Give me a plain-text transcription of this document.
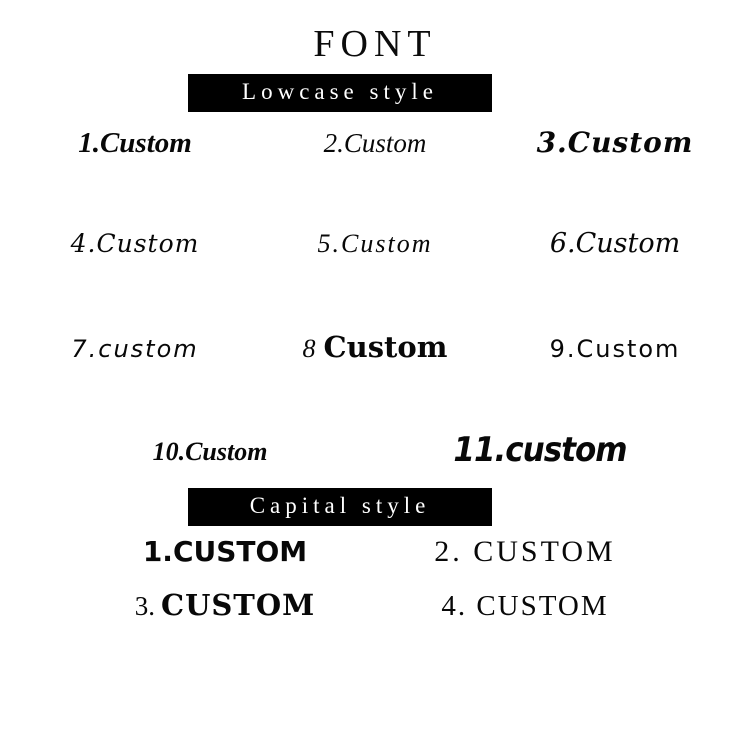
FONT
Lowcase style
1.Custom	2.Custom	3.Custom
4.Custom	5.Custom	6.Custom
7.custom	8 Custom	9.Custom
10.Custom	11.custom
Capital style
1.CUSTOM	2. CUSTOM
3. CUSTOM	4. CUSTOM
